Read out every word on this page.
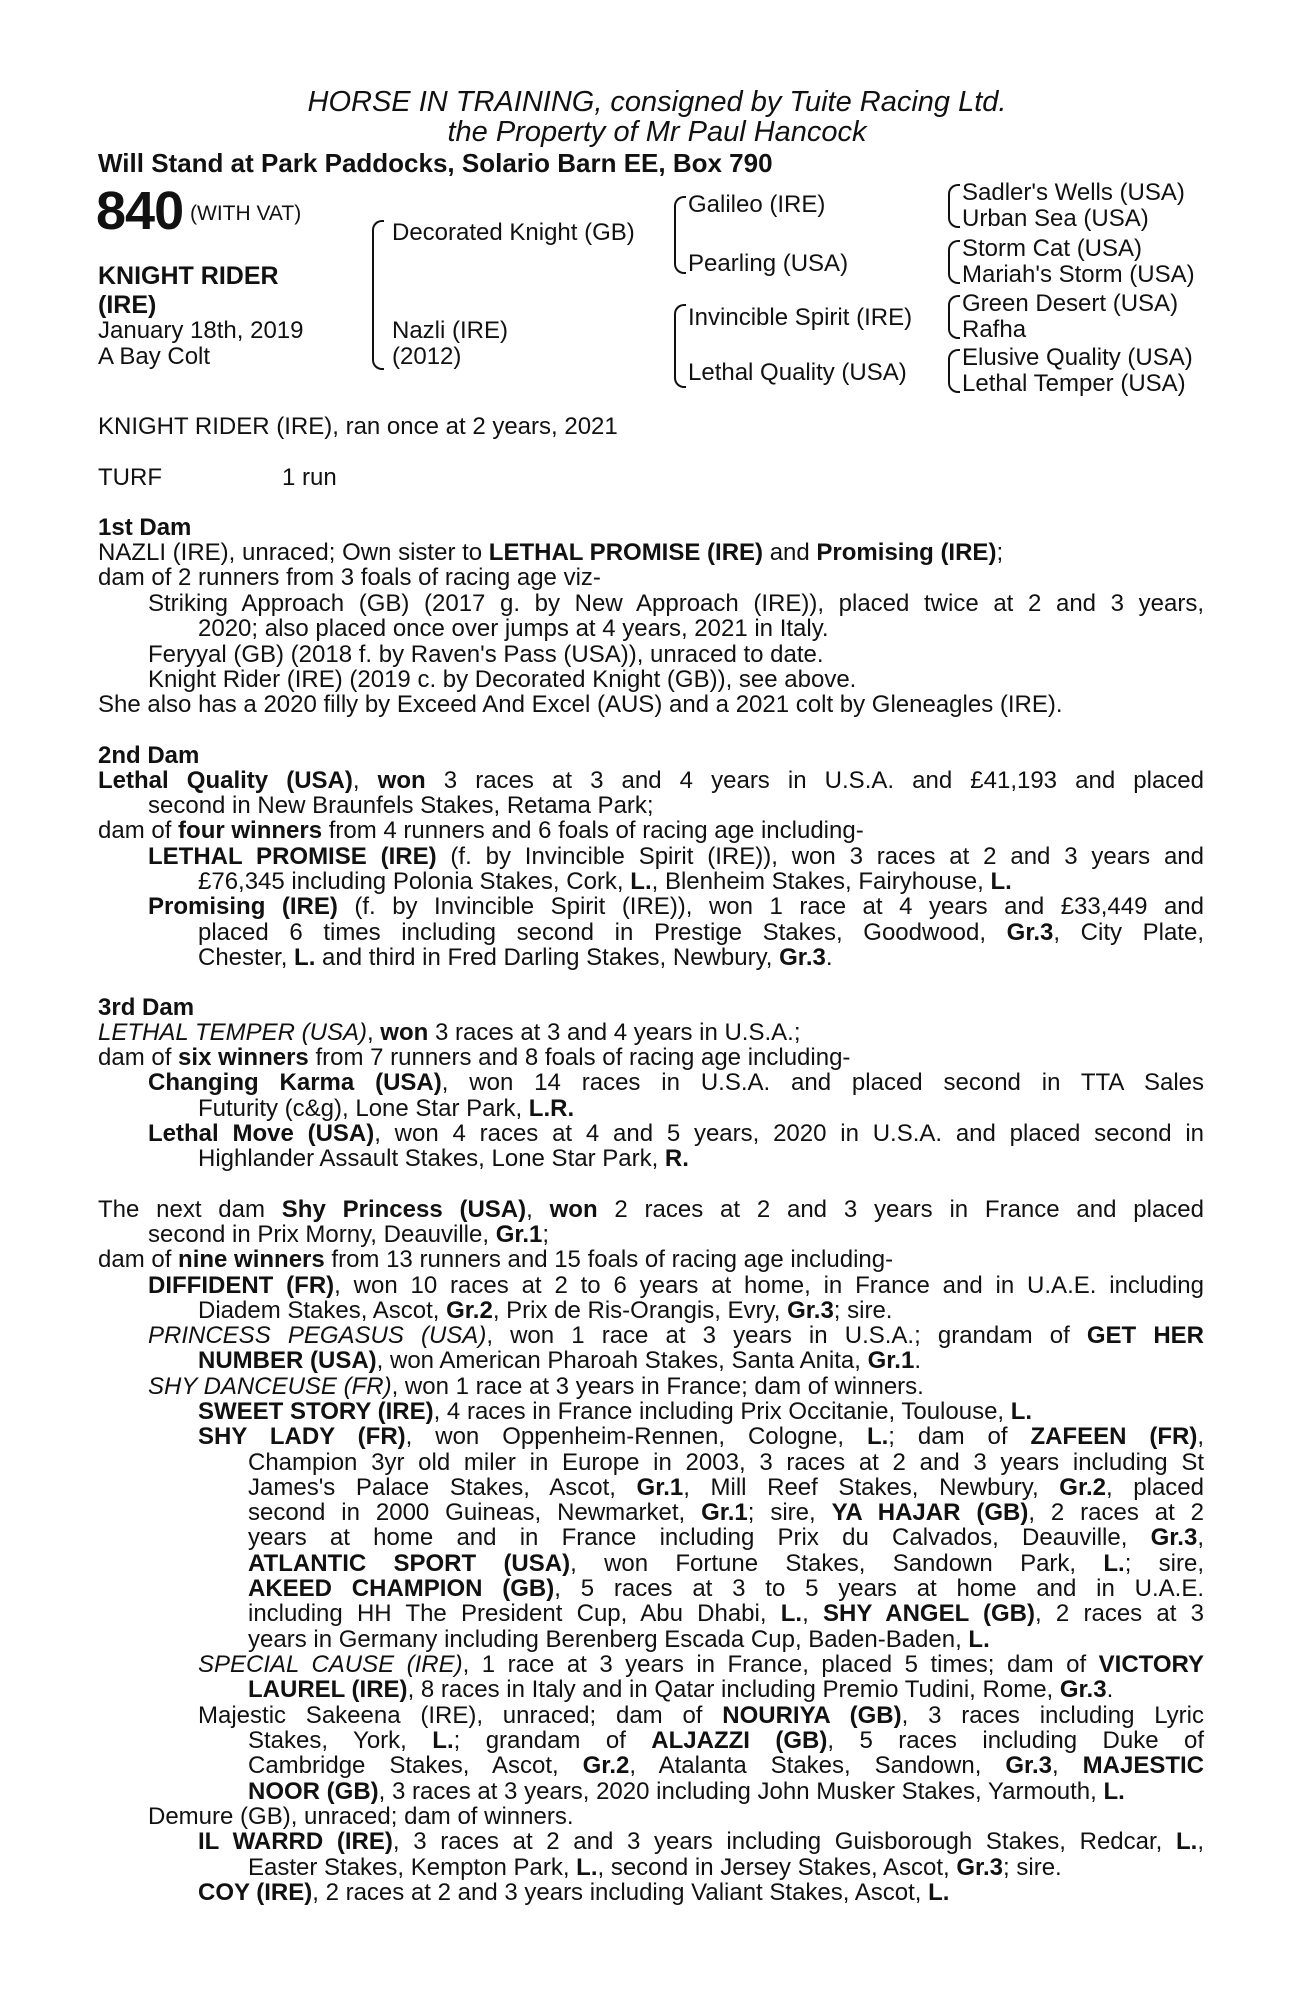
HORSE IN TRAINING, consigned by Tuite Racing Ltd.
the Property of Mr Paul Hancock
Will Stand at Park Paddocks, Solario Barn EE, Box 790
840 (WITH VAT)
KNIGHT RIDER
(IRE)
January 18th, 2019
A Bay Colt
Decorated Knight (GB)
Nazli (IRE)
(2012)
Galileo (IRE)
Pearling (USA)
Invincible Spirit (IRE)
Lethal Quality (USA)
Sadler's Wells (USA)
Urban Sea (USA)
Storm Cat (USA)
Mariah's Storm (USA)
Green Desert (USA)
Rafha
Elusive Quality (USA)
Lethal Temper (USA)
KNIGHT RIDER (IRE), ran once at 2 years, 2021
TURF	1 run
1st Dam
NAZLI (IRE), unraced; Own sister to LETHAL PROMISE (IRE) and Promising (IRE);
dam of 2 runners from 3 foals of racing age viz-
Striking Approach (GB) (2017 g. by New Approach (IRE)), placed twice at 2 and 3 years,
2020; also placed once over jumps at 4 years, 2021 in Italy.
Feryyal (GB) (2018 f. by Raven's Pass (USA)), unraced to date.
Knight Rider (IRE) (2019 c. by Decorated Knight (GB)), see above.
She also has a 2020 filly by Exceed And Excel (AUS) and a 2021 colt by Gleneagles (IRE).
2nd Dam
Lethal Quality (USA), won 3 races at 3 and 4 years in U.S.A. and £41,193 and placed
second in New Braunfels Stakes, Retama Park;
dam of four winners from 4 runners and 6 foals of racing age including-
LETHAL PROMISE (IRE) (f. by Invincible Spirit (IRE)), won 3 races at 2 and 3 years and
£76,345 including Polonia Stakes, Cork, L., Blenheim Stakes, Fairyhouse, L.
Promising (IRE) (f. by Invincible Spirit (IRE)), won 1 race at 4 years and £33,449 and
placed 6 times including second in Prestige Stakes, Goodwood, Gr.3, City Plate,
Chester, L. and third in Fred Darling Stakes, Newbury, Gr.3.
3rd Dam
LETHAL TEMPER (USA), won 3 races at 3 and 4 years in U.S.A.;
dam of six winners from 7 runners and 8 foals of racing age including-
Changing Karma (USA), won 14 races in U.S.A. and placed second in TTA Sales
Futurity (c&g), Lone Star Park, L.R.
Lethal Move (USA), won 4 races at 4 and 5 years, 2020 in U.S.A. and placed second in
Highlander Assault Stakes, Lone Star Park, R.
The next dam Shy Princess (USA), won 2 races at 2 and 3 years in France and placed
second in Prix Morny, Deauville, Gr.1;
dam of nine winners from 13 runners and 15 foals of racing age including-
DIFFIDENT (FR), won 10 races at 2 to 6 years at home, in France and in U.A.E. including
Diadem Stakes, Ascot, Gr.2, Prix de Ris-Orangis, Evry, Gr.3; sire.
PRINCESS PEGASUS (USA), won 1 race at 3 years in U.S.A.; grandam of GET HER
NUMBER (USA), won American Pharoah Stakes, Santa Anita, Gr.1.
SHY DANCEUSE (FR), won 1 race at 3 years in France; dam of winners.
SWEET STORY (IRE), 4 races in France including Prix Occitanie, Toulouse, L.
SHY LADY (FR), won Oppenheim-Rennen, Cologne, L.; dam of ZAFEEN (FR),
Champion 3yr old miler in Europe in 2003, 3 races at 2 and 3 years including St
James's Palace Stakes, Ascot, Gr.1, Mill Reef Stakes, Newbury, Gr.2, placed
second in 2000 Guineas, Newmarket, Gr.1; sire, YA HAJAR (GB), 2 races at 2
years at home and in France including Prix du Calvados, Deauville, Gr.3,
ATLANTIC SPORT (USA), won Fortune Stakes, Sandown Park, L.; sire,
AKEED CHAMPION (GB), 5 races at 3 to 5 years at home and in U.A.E.
including HH The President Cup, Abu Dhabi, L., SHY ANGEL (GB), 2 races at 3
years in Germany including Berenberg Escada Cup, Baden-Baden, L.
SPECIAL CAUSE (IRE), 1 race at 3 years in France, placed 5 times; dam of VICTORY
LAUREL (IRE), 8 races in Italy and in Qatar including Premio Tudini, Rome, Gr.3.
Majestic Sakeena (IRE), unraced; dam of NOURIYA (GB), 3 races including Lyric
Stakes, York, L.; grandam of ALJAZZI (GB), 5 races including Duke of
Cambridge Stakes, Ascot, Gr.2, Atalanta Stakes, Sandown, Gr.3, MAJESTIC
NOOR (GB), 3 races at 3 years, 2020 including John Musker Stakes, Yarmouth, L.
Demure (GB), unraced; dam of winners.
IL WARRD (IRE), 3 races at 2 and 3 years including Guisborough Stakes, Redcar, L.,
Easter Stakes, Kempton Park, L., second in Jersey Stakes, Ascot, Gr.3; sire.
COY (IRE), 2 races at 2 and 3 years including Valiant Stakes, Ascot, L.
